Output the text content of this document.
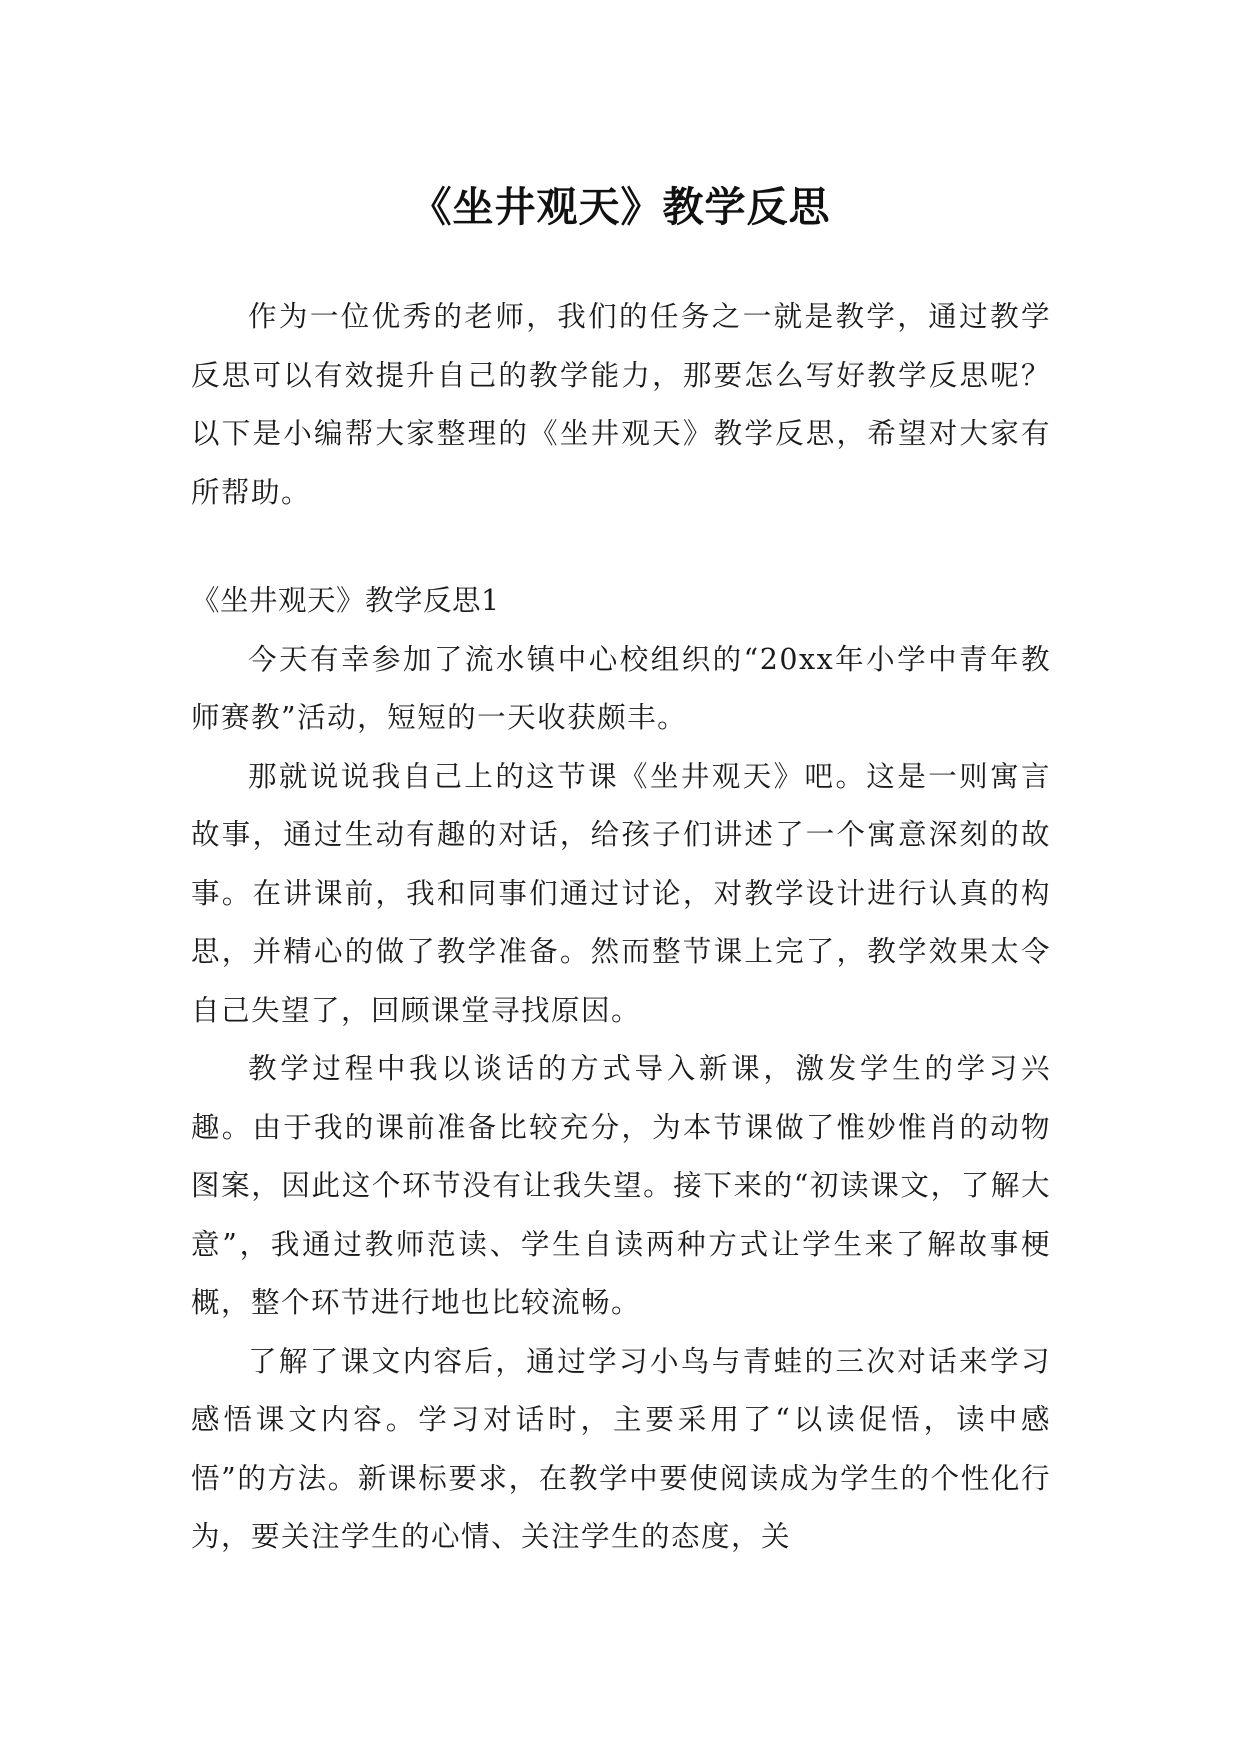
《坐井观天》教学反思

作为一位优秀的老师，我们的任务之一就是教学，通过教学反思可以有效提升自己的教学能力，那要怎么写好教学反思呢？以下是小编帮大家整理的《坐井观天》教学反思，希望对大家有所帮助。

《坐井观天》教学反思1

今天有幸参加了流水镇中心校组织的“20xx年小学中青年教师赛教”活动，短短的一天收获颇丰。

那就说说我自己上的这节课《坐井观天》吧。这是一则寓言故事，通过生动有趣的对话，给孩子们讲述了一个寓意深刻的故事。在讲课前，我和同事们通过讨论，对教学设计进行认真的构思，并精心的做了教学准备。然而整节课上完了，教学效果太令自己失望了，回顾课堂寻找原因。

教学过程中我以谈话的方式导入新课，激发学生的学习兴趣。由于我的课前准备比较充分，为本节课做了惟妙惟肖的动物图案，因此这个环节没有让我失望。接下来的“初读课文，了解大意”，我通过教师范读、学生自读两种方式让学生来了解故事梗概，整个环节进行地也比较流畅。

了解了课文内容后，通过学习小鸟与青蛙的三次对话来学习感悟课文内容。学习对话时，主要采用了“以读促悟，读中感悟”的方法。新课标要求，在教学中要使阅读成为学生的个性化行为，要关注学生的心情、关注学生的态度，关
